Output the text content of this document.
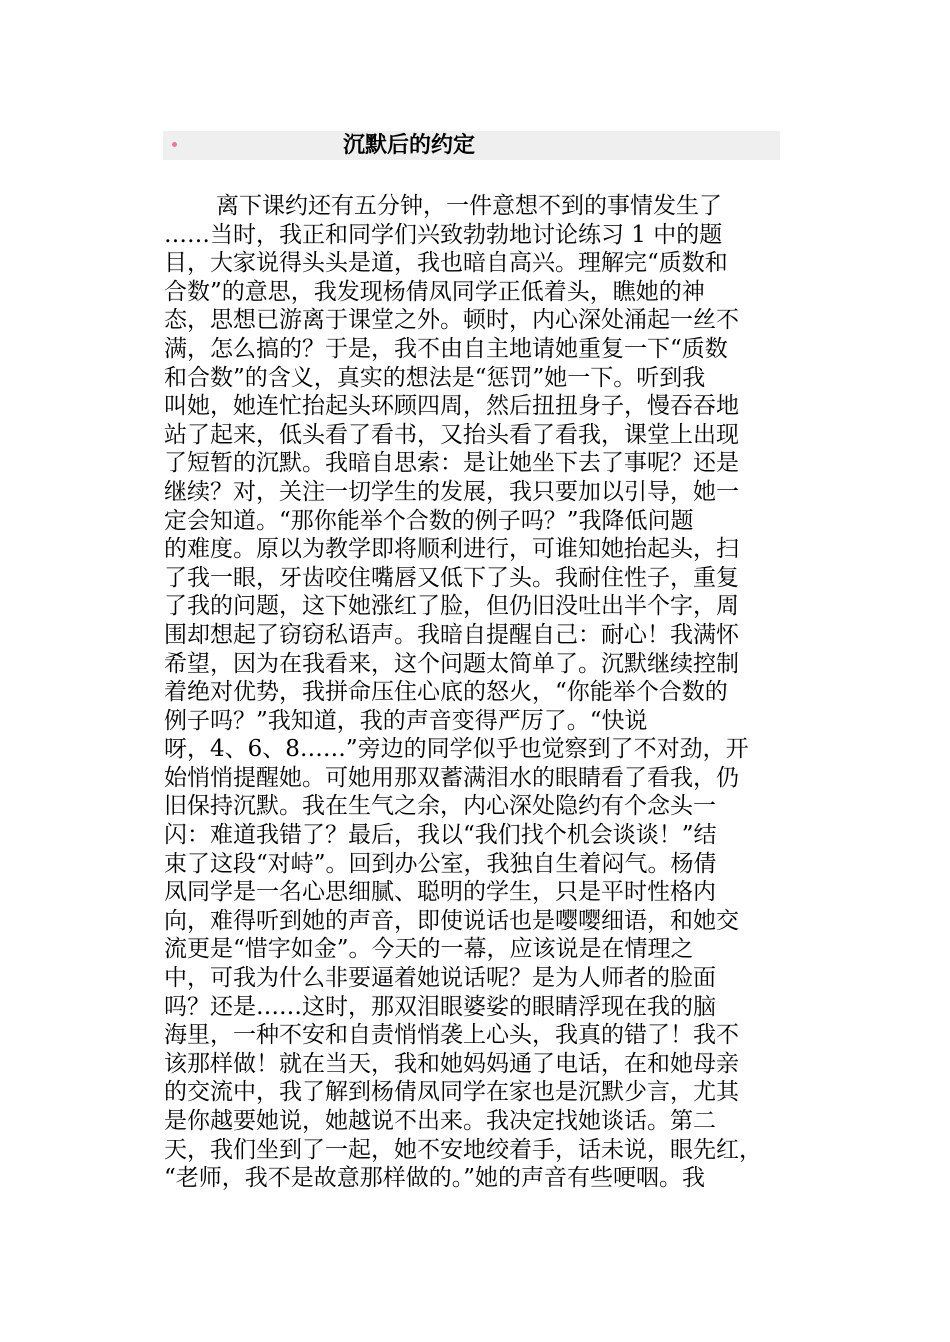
沉默后的约定
离下课约还有五分钟，一件意想不到的事情发生了
……当时，我正和同学们兴致勃勃地讨论练习 1 中的题
目，大家说得头头是道，我也暗自高兴。理解完“质数和
合数”的意思，我发现杨倩凤同学正低着头，瞧她的神
态，思想已游离于课堂之外。顿时，内心深处涌起一丝不
满，怎么搞的？于是，我不由自主地请她重复一下“质数
和合数”的含义，真实的想法是“惩罚”她一下。听到我
叫她，她连忙抬起头环顾四周，然后扭扭身子，慢吞吞地
站了起来，低头看了看书，又抬头看了看我，课堂上出现
了短暂的沉默。我暗自思索：是让她坐下去了事呢？还是
继续？对，关注一切学生的发展，我只要加以引导，她一
定会知道。“那你能举个合数的例子吗？”我降低问题
的难度。原以为教学即将顺利进行，可谁知她抬起头，扫
了我一眼，牙齿咬住嘴唇又低下了头。我耐住性子，重复
了我的问题，这下她涨红了脸，但仍旧没吐出半个字，周
围却想起了窃窃私语声。我暗自提醒自己：耐心！我满怀
希望，因为在我看来，这个问题太简单了。沉默继续控制
着绝对优势，我拼命压住心底的怒火，“你能举个合数的
例子吗？”我知道，我的声音变得严厉了。“快说
呀，4、6、8……”旁边的同学似乎也觉察到了不对劲，开
始悄悄提醒她。可她用那双蓄满泪水的眼睛看了看我，仍
旧保持沉默。我在生气之余，内心深处隐约有个念头一
闪：难道我错了？最后，我以“我们找个机会谈谈！”结
束了这段“对峙”。回到办公室，我独自生着闷气。杨倩
凤同学是一名心思细腻、聪明的学生，只是平时性格内
向，难得听到她的声音，即使说话也是嘤嘤细语，和她交
流更是“惜字如金”。今天的一幕，应该说是在情理之
中，可我为什么非要逼着她说话呢？是为人师者的脸面
吗？还是……这时，那双泪眼婆娑的眼睛浮现在我的脑
海里，一种不安和自责悄悄袭上心头，我真的错了！我不
该那样做！就在当天，我和她妈妈通了电话，在和她母亲
的交流中，我了解到杨倩凤同学在家也是沉默少言，尤其
是你越要她说，她越说不出来。我决定找她谈话。第二
天，我们坐到了一起，她不安地绞着手，话未说，眼先红，
“老师，我不是故意那样做的。”她的声音有些哽咽。我
